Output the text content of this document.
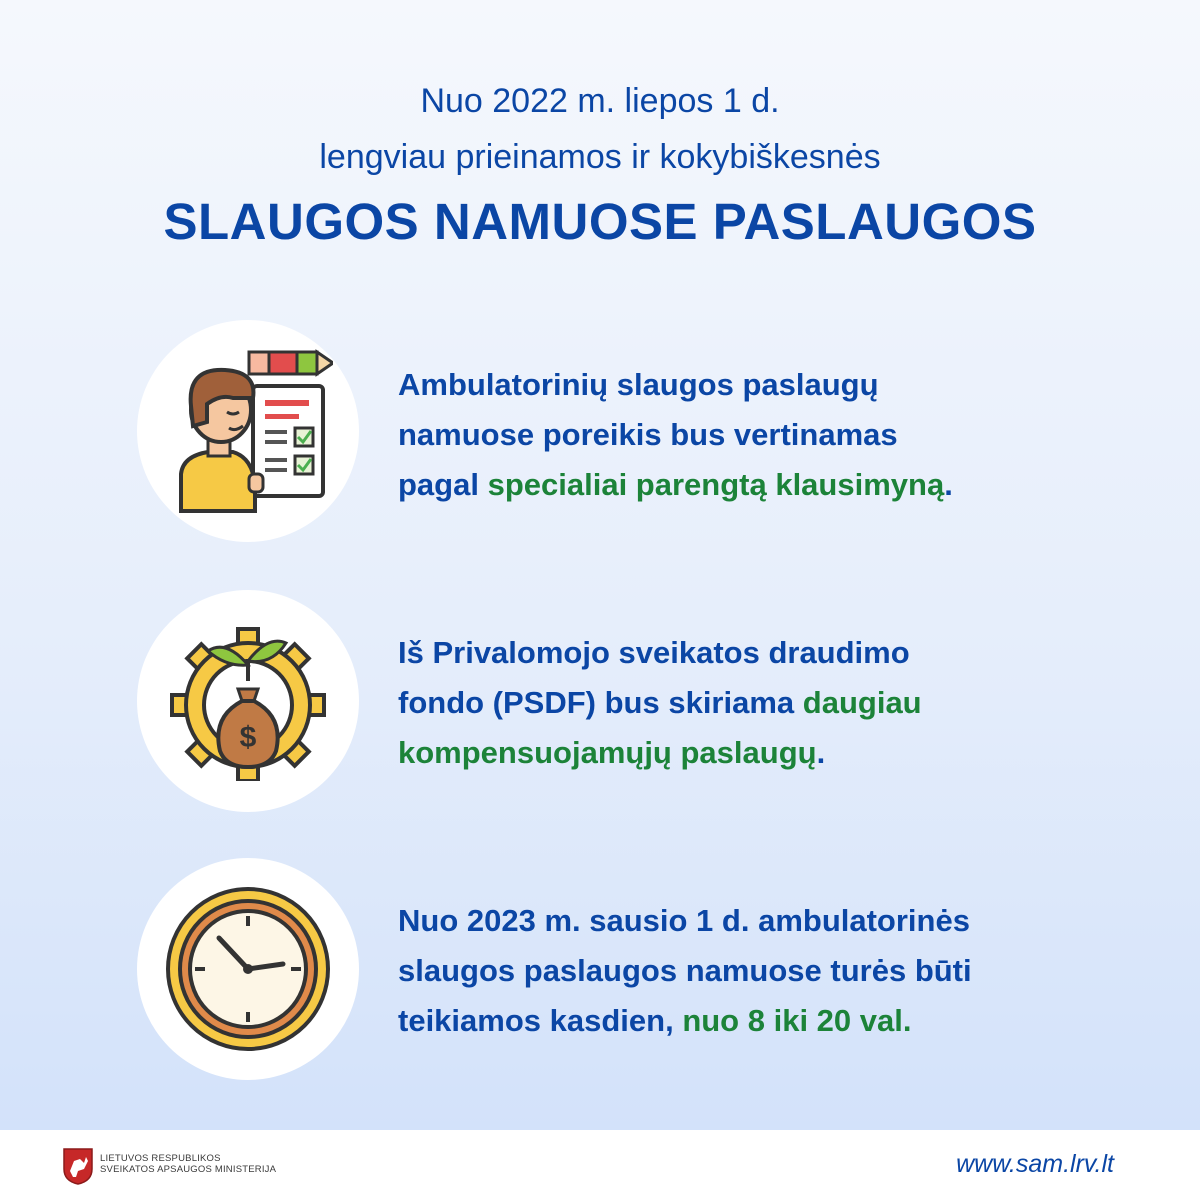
Nuo 2022 m. liepos 1 d.
lengviau prieinamos ir kokybiškesnės
SLAUGOS NAMUOSE PASLAUGOS
Ambulatorinių slaugos paslaugų
namuose poreikis bus vertinamas
pagal specialiai parengtą klausimyną.
$
Iš Privalomojo sveikatos draudimo
fondo (PSDF) bus skiriama daugiau
kompensuojamųjų paslaugų.
Nuo 2023 m. sausio 1 d. ambulatorinės
slaugos paslaugos namuose turės būti
teikiamos kasdien, nuo 8 iki 20 val.
LIETUVOS RESPUBLIKOS
SVEIKATOS APSAUGOS MINISTERIJA	www.sam.lrv.lt
